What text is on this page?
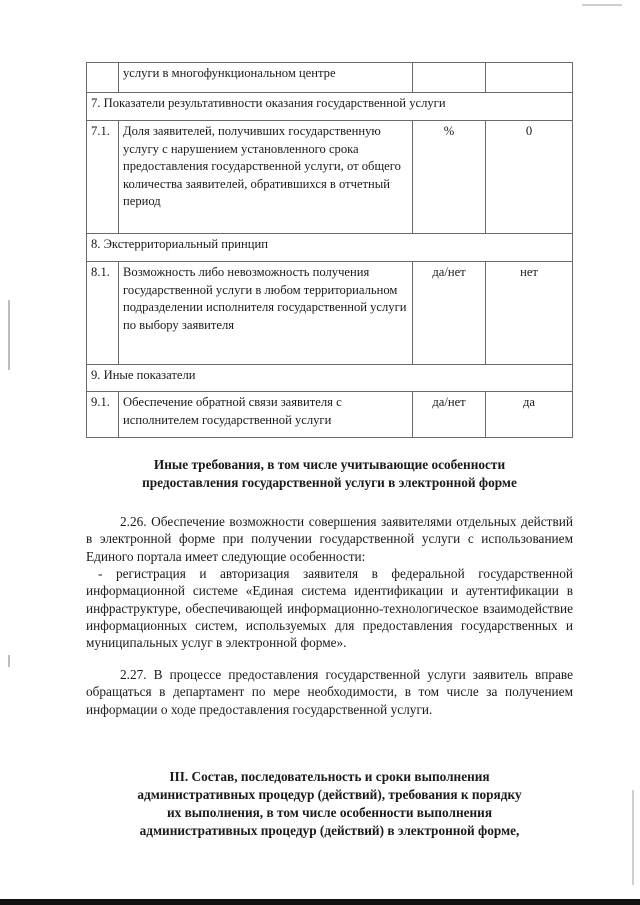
	услуги в многофункциональном центре		
7. Показатели результативности оказания государственной услуги			
7.1.	Доля заявителей, получивших государственную услугу с нарушением установленного срока предоставления государственной услуги, от общего количества заявителей, обратившихся в отчетный период	%	0
8. Экстерриториальный принцип			
8.1.	Возможность либо невозможность получения государственной услуги в любом территориальном подразделении исполнителя государственной услуги по выбору заявителя	да/нет	нет
9. Иные показатели			
9.1.	Обеспечение обратной связи заявителя с исполнителем государственной услуги	да/нет	да
Иные требования, в том числе учитывающие особенности
предоставления государственной услуги в электронной форме

2.26. Обеспечение возможности совершения заявителями отдельных действий в электронной форме при получении государственной услуги с использованием Единого портала имеет следующие особенности:

- регистрация и авторизация заявителя в федеральной государственной информационной системе «Единая система идентификации и аутентификации в инфраструктуре, обеспечивающей информационно-технологическое взаимодействие информационных систем, используемых для предоставления государственных и муниципальных услуг в электронной форме».

2.27. В процессе предоставления государственной услуги заявитель вправе обращаться в департамент по мере необходимости, в том числе за получением информации о ходе предоставления государственной услуги.

III. Состав, последовательность и сроки выполнения
административных процедур (действий), требования к порядку
их выполнения, в том числе особенности выполнения
административных процедур (действий) в электронной форме,
